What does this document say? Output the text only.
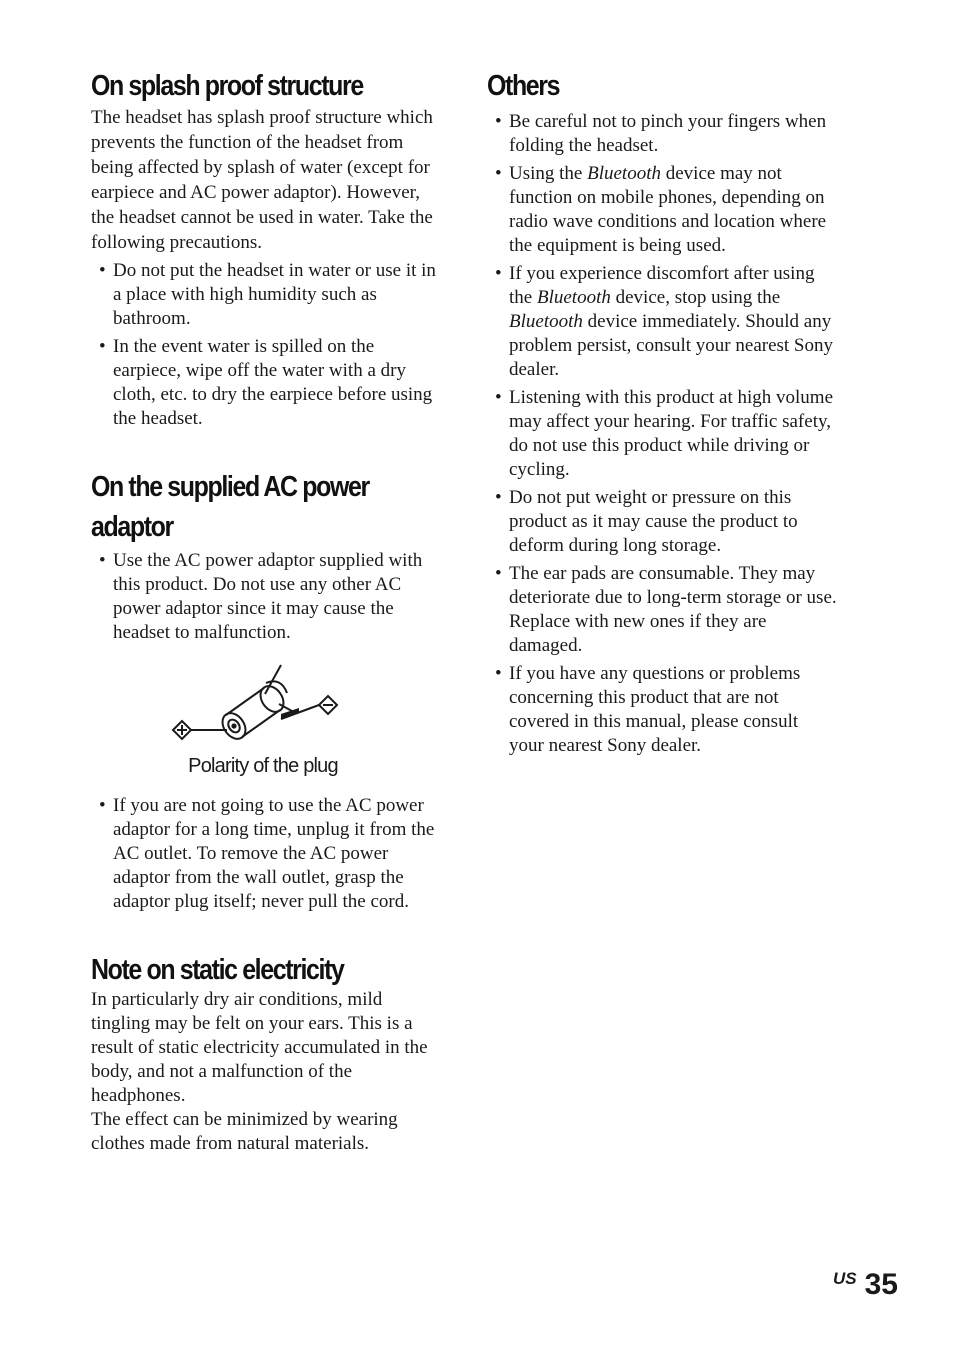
On splash proof structure

The headset has splash proof structure which prevents the function of the headset from being affected by splash of water (except for earpiece and AC power adaptor). However, the headset cannot be used in water. Take the following precautions.

• Do not put the headset in water or use it in a place with high humidity such as bathroom.
• In the event water is spilled on the earpiece, wipe off the water with a dry cloth, etc. to dry the earpiece before using the headset.
On the supplied AC power
adaptor
• Use the AC power adaptor supplied with this product. Do not use any other AC power adaptor since it may cause the headset to malfunction.
Polarity of the plug
• If you are not going to use the AC power adaptor for a long time, unplug it from the AC outlet. To remove the AC power adaptor from the wall outlet, grasp the adaptor plug itself; never pull the cord.
Note on static electricity

In particularly dry air conditions, mild tingling may be felt on your ears. This is a result of static electricity accumulated in the body, and not a malfunction of the headphones.

The effect can be minimized by wearing clothes made from natural materials.

Others
• Be careful not to pinch your fingers when folding the headset.
• Using the Bluetooth device may not function on mobile phones, depending on radio wave conditions and location where the equipment is being used.
• If you experience discomfort after using the Bluetooth device, stop using the Bluetooth device immediately. Should any problem persist, consult your nearest Sony dealer.
• Listening with this product at high volume may affect your hearing. For traffic safety, do not use this product while driving or cycling.
• Do not put weight or pressure on this product as it may cause the product to deform during long storage.
• The ear pads are consumable. They may deteriorate due to long-term storage or use. Replace with new ones if they are damaged.
• If you have any questions or problems concerning this product that are not covered in this manual, please consult your nearest Sony dealer.
US 35
